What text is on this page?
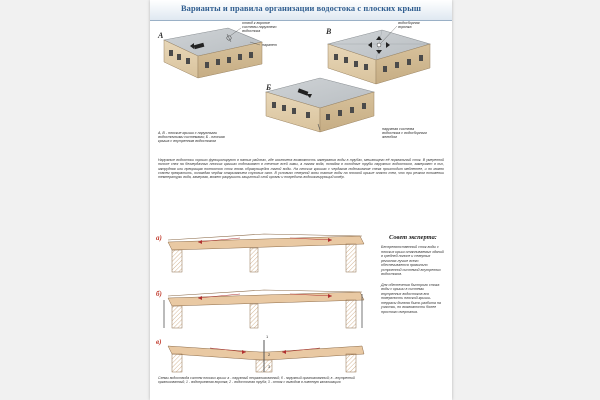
Варианты и правила организации водостока с плоских крыш
А	В
Б
отвод к воронке системы наружнего водостока
парапет
водосборная воронка
А, В - плоские крыши с наружными водосточными системами; Б - плоская крыша с внутренним водостоком
наружная система водостока с водосборным желобом
Наружные водостоки хорошо функционируют в южных районах, где исключена возможность замерзания воды в трубах, мешающего её нормальный сток. В умеренной полосе снег на безчердачных плоских крышах подтаивает в течение всей зимы, а талая вода, попадая в холодные трубы наружных водостоков, замерзает в них, затрудняя или прекращая полностью сток вновь образующейся талой воды. На плоских крышах с чердаком подтаивание снега происходит медленнее, и но можно совсем прекратить, охлаждая чердак открыванием слуховых окон. В условиях северной зоны таяние воды на плоской крыше опасно тем, что при резком понижении температуры вода, замерзая, может разрушить защитный слой кровли и повредить водоизолирующий ковёр.
а)
б)
1
2
3
в)
Совет эксперта:
Беспрепятственный сток воды с плоских крыш отапливаемых зданий в средней полосе и северных регионах лучше всего обеспечивается правильно устроенной системой внутренних водостоков.
Для обеспечения быстрого стока воды с крыши в системы внутренних водостоков вся поверхность плоской крыши-террасы должна быть разбита на участки, по возможности более простого очертания.
Схемы водоотвода систем плоских крыш: а - наружный неорганизованный; б - наружный организованный; в - внутренний организованный; 1 - водоприемная воронка; 2 - водосточная труба; 3 - стояк с выводом в ливневую канализацию
